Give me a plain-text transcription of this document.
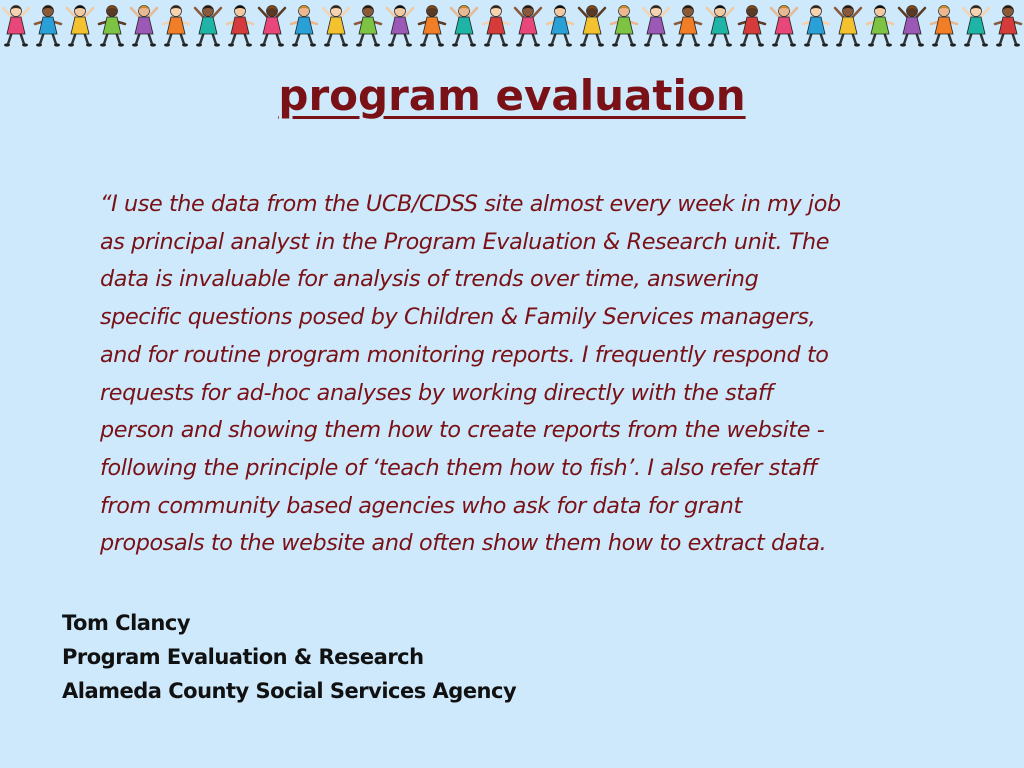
program evaluation
“I use the data from the UCB/CDSS site almost every week in my job
as principal analyst in the Program Evaluation & Research unit. The
data is invaluable for analysis of trends over time, answering
specific questions posed by Children & Family Services managers,
and for routine program monitoring reports. I frequently respond to
requests for ad-hoc analyses by working directly with the staff
person and showing them how to create reports from the website -
following the principle of ‘teach them how to fish’. I also refer staff
from community based agencies who ask for data for grant
proposals to the website and often show them how to extract data.
Tom Clancy
Program Evaluation & Research
Alameda County Social Services Agency
